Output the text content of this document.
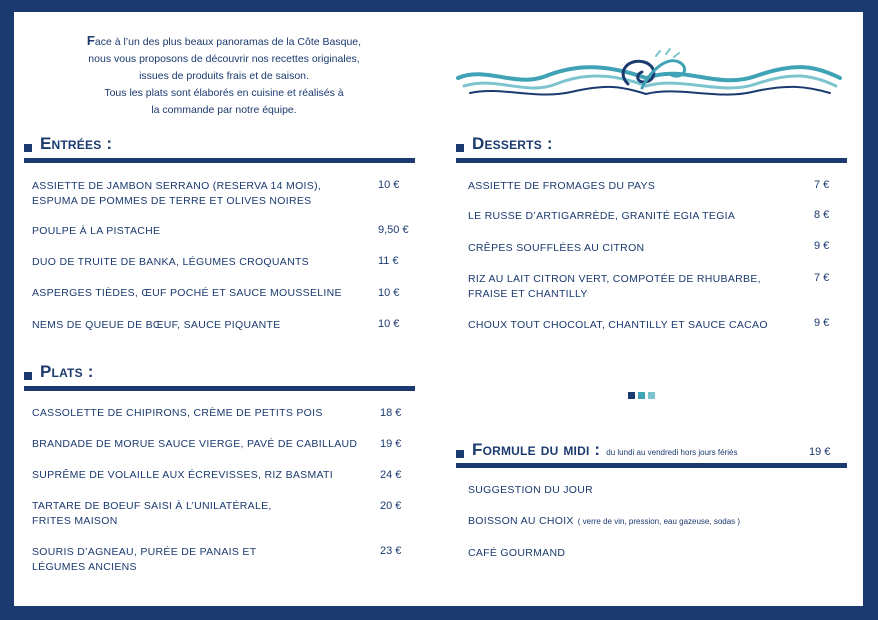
Face à l’un des plus beaux panoramas de la Côte Basque,
nous vous proposons de découvrir nos recettes originales,
issues de produits frais et de saison.
Tous les plats sont élaborés en cuisine et réalisés à
la commande par notre équipe.
Entrées :
ASSIETTE DE JAMBON SERRANO (RESERVA 14 MOIS),
ESPUMA DE POMMES DE TERRE ET OLIVES NOIRES
10 €
POULPE À LA PISTACHE	9,50 €
DUO DE TRUITE DE BANKA, LÉGUMES CROQUANTS	11 €
ASPERGES TIÈDES, ŒUF POCHÉ ET SAUCE MOUSSELINE	10 €
NEMS DE QUEUE DE BŒUF, SAUCE PIQUANTE	10 €
Plats :
CASSOLETTE DE CHIPIRONS, CRÈME DE PETITS POIS	18 €
BRANDADE DE MORUE SAUCE VIERGE, PAVÉ DE CABILLAUD	19 €
SUPRÊME DE VOLAILLE AUX ÉCREVISSES, RIZ BASMATI	24 €
TARTARE DE BOEUF SAISI À L’UNILATÉRALE,
FRITES MAISON
20 €
SOURIS D’AGNEAU, PURÉE DE PANAIS ET
LÉGUMES ANCIENS
23 €
Desserts :
ASSIETTE DE FROMAGES DU PAYS	7 €
LE RUSSE D’ARTIGARRÈDE, GRANITÉ EGIA TEGIA	8 €
CRÊPES SOUFFLÉES AU CITRON	9 €
RIZ AU LAIT CITRON VERT, COMPOTÉE DE RHUBARBE,
FRAISE ET CHANTILLY
7 €
CHOUX TOUT CHOCOLAT, CHANTILLY ET SAUCE CACAO	9 €
Formule du midi : du lundi au vendredi hors jours fériés	19 €
SUGGESTION DU JOUR
BOISSON AU CHOIX ( verre de vin, pression, eau gazeuse, sodas )
CAFÉ GOURMAND
